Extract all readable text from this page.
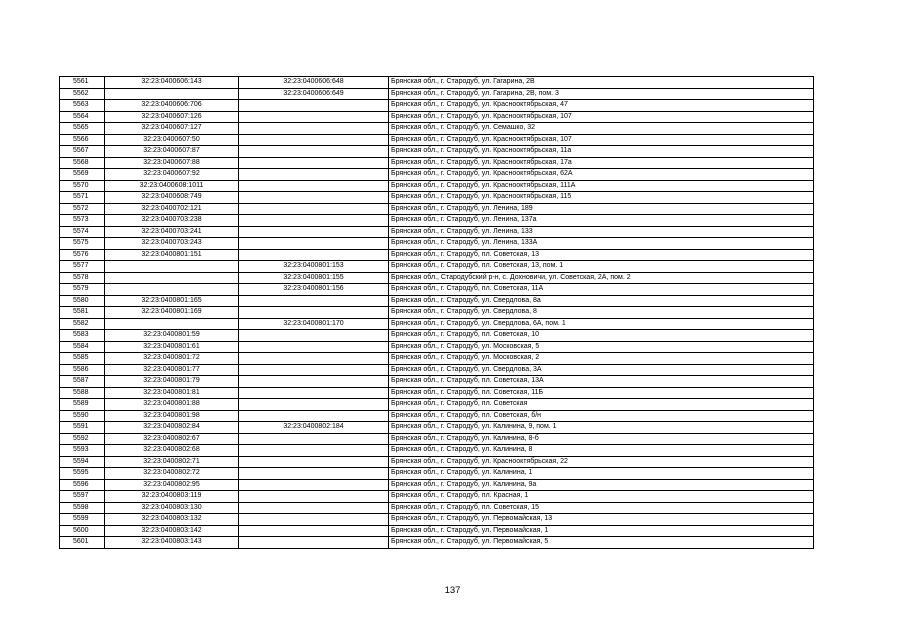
5561	32:23:0400606:143	32:23:0400606:648	Брянская обл., г. Стародуб, ул. Гагарина, 2В
5562		32:23:0400606:649	Брянская обл., г. Стародуб, ул. Гагарина, 2В, пом. 3
5563	32:23:0400606:706		Брянская обл., г. Стародуб, ул. Краснооктябрьская, 47
5564	32:23:0400607:126		Брянская обл., г. Стародуб, ул. Краснооктябрьская, 107
5565	32:23:0400607:127		Брянская обл., г. Стародуб, ул. Семашко, 32
5566	32:23:0400607:50		Брянская обл., г. Стародуб, ул. Краснооктябрьская, 107
5567	32:23:0400607:87		Брянская обл., г. Стародуб, ул. Краснооктябрьская, 11а
5568	32:23:0400607:88		Брянская обл., г. Стародуб, ул. Краснооктябрьская, 17а
5569	32:23:0400607:92		Брянская обл., г. Стародуб, ул. Краснооктябрьская, 62А
5570	32:23:0400608:1011		Брянская обл., г. Стародуб, ул. Краснооктябрьская, 111А
5571	32:23:0400608:749		Брянская обл., г. Стародуб, ул. Краснооктябрьская, 115
5572	32:23:0400702:121		Брянская обл., г. Стародуб, ул. Ленина, 189
5573	32:23:0400703:238		Брянская обл., г. Стародуб, ул. Ленина, 137а
5574	32:23:0400703:241		Брянская обл., г. Стародуб, ул. Ленина, 133
5575	32:23:0400703:243		Брянская обл., г. Стародуб, ул. Ленина, 133А
5576	32:23:0400801:151		Брянская обл., г. Стародуб, пл. Советская, 13
5577		32:23:0400801:153	Брянская обл., г. Стародуб, пл. Советская, 13, пом. 1
5578		32:23:0400801:155	Брянская обл., Стародубский р-н, с. Дохновичи, ул. Советская, 2А, пом. 2
5579		32:23:0400801:156	Брянская обл., г. Стародуб, пл. Советская, 11А
5580	32:23:0400801:165		Брянская обл., г. Стародуб, ул. Свердлова, 8а
5581	32:23:0400801:169		Брянская обл., г. Стародуб, ул. Свердлова, 8
5582		32:23:0400801:170	Брянская обл., г. Стародуб, ул. Свердлова, 6А, пом. 1
5583	32:23:0400801:59		Брянская обл., г. Стародуб, пл. Советская, 10
5584	32:23:0400801:61		Брянская обл., г. Стародуб, ул. Московская, 5
5585	32:23:0400801:72		Брянская обл., г. Стародуб, ул. Московская, 2
5586	32:23:0400801:77		Брянская обл., г. Стародуб, ул. Свердлова, 3А
5587	32:23:0400801:79		Брянская обл., г. Стародуб, пл. Советская, 13А
5588	32:23:0400801:81		Брянская обл., г. Стародуб, пл. Советская, 11Б
5589	32:23:0400801:88		Брянская обл., г. Стародуб, пл. Советская
5590	32:23:0400801:98		Брянская обл., г. Стародуб, пл. Советская, б/н
5591	32:23:0400802:84	32:23:0400802:184	Брянская обл., г. Стародуб, ул. Калинина, 9, пом. 1
5592	32:23:0400802:67		Брянская обл., г. Стародуб, ул. Калинина, 8-б
5593	32:23:0400802:68		Брянская обл., г. Стародуб, ул. Калинина, 8
5594	32:23:0400802:71		Брянская обл., г. Стародуб, ул. Краснооктябрьская, 22
5595	32:23:0400802:72		Брянская обл., г. Стародуб, ул. Калинина, 1
5596	32:23:0400802:95		Брянская обл., г. Стародуб, ул. Калинина, 9а
5597	32:23:0400803:119		Брянская обл., г. Стародуб, пл. Красная, 1
5598	32:23:0400803:130		Брянская обл., г. Стародуб, пл. Советская, 15
5599	32:23:0400803:132		Брянская обл., г. Стародуб, ул. Первомайская, 13
5600	32:23:0400803:142		Брянская обл., г. Стародуб, ул. Первомайская, 1
5601	32:23:0400803:143		Брянская обл., г. Стародуб, ул. Первомайская, 5
137
